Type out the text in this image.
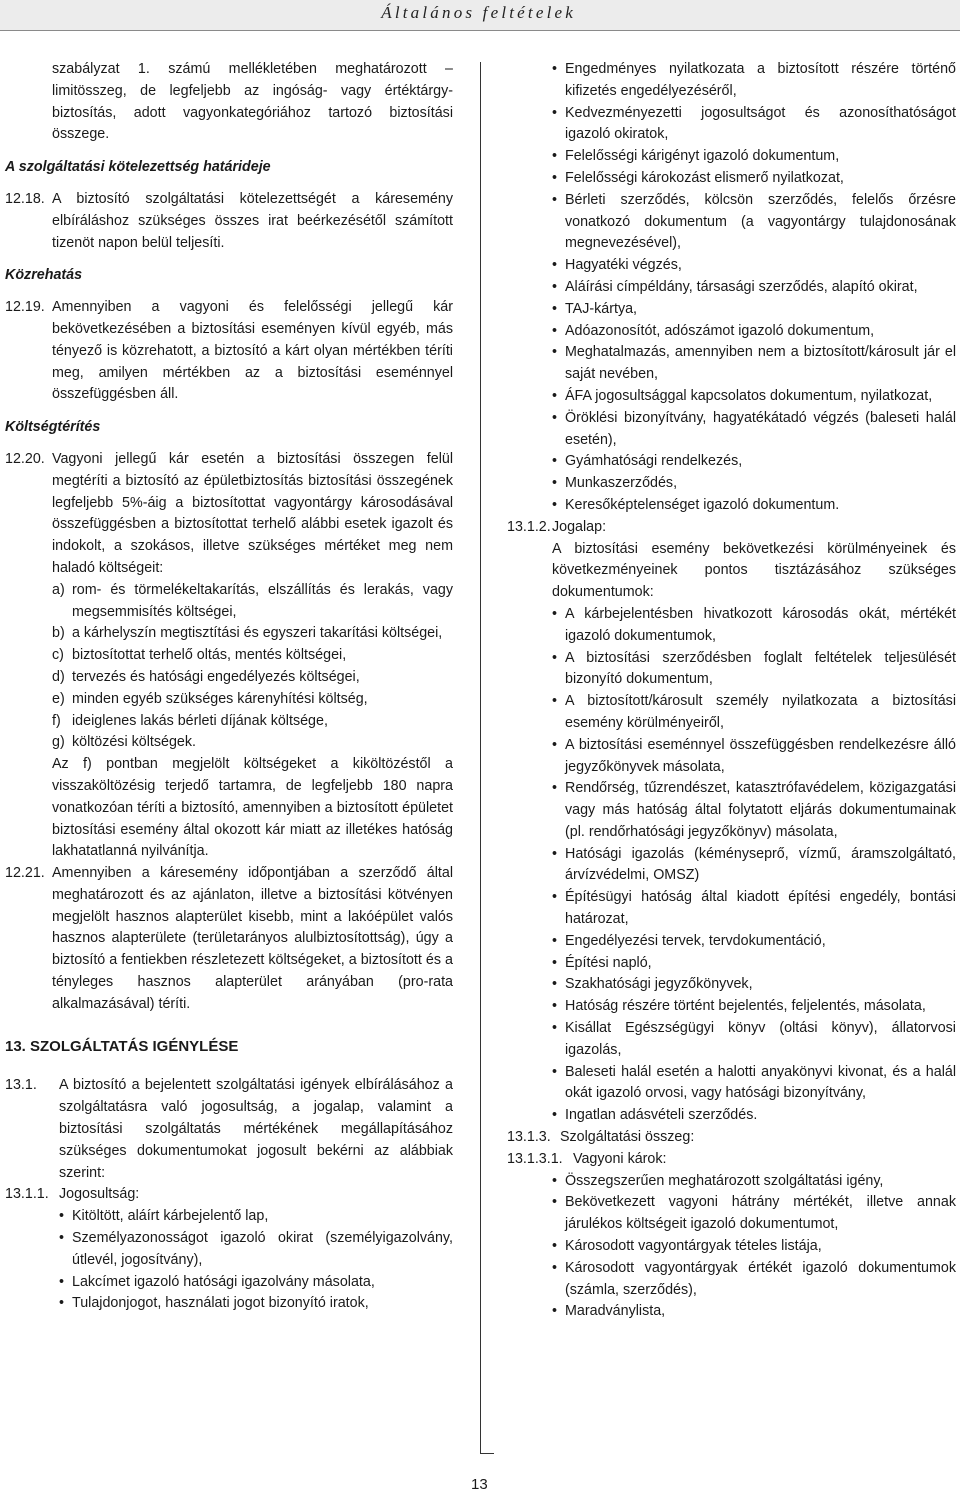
Általános feltételek

szabályzat 1. számú mellékletében meghatározott – limitösszeg, de legfeljebb az ingóság- vagy értéktárgy-biztosítás, adott vagyonkategóriához tartozó biztosítási összege.

A szolgáltatási kötelezettség határideje

12.18. A biztosító szolgáltatási kötelezettségét a káresemény elbíráláshoz szükséges összes irat beérkezésétől számított tizenöt napon belül teljesíti.

Közrehatás

12.19. Amennyiben a vagyoni és felelősségi jellegű kár bekövetkezésében a biztosítási eseményen kívül egyéb, más tényező is közrehatott, a biztosító a kárt olyan mértékben téríti meg, amilyen mértékben az a biztosítási eseménnyel összefüggésben áll.

Költségtérítés

12.20. Vagyoni jellegű kár esetén a biztosítási összegen felül megtéríti a biztosító az épületbiztosítás biztosítási összegének legfeljebb 5%-áig a biztosítottat vagyontárgy károsodásával összefüggésben a biztosítottat terhelő alábbi esetek igazolt és indokolt, a szokásos, illetve szükséges mértéket meg nem haladó költségeit:

a) rom- és törmelékeltakarítás, elszállítás és lerakás, vagy megsemmisítés költségei,
b) a kárhelyszín megtisztítási és egyszeri takarítási költségei,
c) biztosítottat terhelő oltás, mentés költségei,
d) tervezés és hatósági engedélyezés költségei,
e) minden egyéb szükséges kárenyhítési költség,
f) ideiglenes lakás bérleti díjának költsége,
g) költözési költségek.

Az f) pontban megjelölt költségeket a kiköltözéstől a visszaköltözésig terjedő tartamra, de legfeljebb 180 napra vonatkozóan téríti a biztosító, amennyiben a biztosított épületet biztosítási esemény által okozott kár miatt az illetékes hatóság lakhatatlanná nyilvánítja.

12.21. Amennyiben a káresemény időpontjában a szerződő által meghatározott és az ajánlaton, illetve a biztosítási kötvényen megjelölt hasznos alapterület kisebb, mint a lakóépület valós hasznos alapterülete (területarányos alulbiztosítottság), úgy a biztosító a fentiekben részletezett költségeket, a biztosított és a tényleges hasznos alapterület arányában (pro-rata alkalmazásával) téríti.

13. SZOLGÁLTATÁS IGÉNYLÉSE

13.1.	A biztosító a bejelentett szolgáltatási igények elbírálásához a szolgáltatásra való jogosultság, a jogalap, valamint a biztosítási szolgáltatás mértékének megállapításához szükséges dokumentumokat jogosult bekérni az alábbiak szerint:
13.1.1. Jogosultság:
• Kitöltött, aláírt kárbejelentő lap,
• Személyazonosságot igazoló okirat (személyigazolvány, útlevél, jogosítvány),
• Lakcímet igazoló hatósági igazolvány másolata,
• Tulajdonjogot, használati jogot bizonyító iratok,
• Engedményes nyilatkozata a biztosított részére történő kifizetés engedélyezéséről,
• Kedvezményezetti jogosultságot és azonosíthatóságot igazoló okiratok,
• Felelősségi kárigényt igazoló dokumentum,
• Felelősségi károkozást elismerő nyilatkozat,
• Bérleti szerződés, kölcsön szerződés, felelős őrzésre vonatkozó dokumentum (a vagyontárgy tulajdonosának megnevezésével),
• Hagyatéki végzés,
• Aláírási címpéldány, társasági szerződés, alapító okirat,
• TAJ-kártya,
• Adóazonosítót, adószámot igazoló dokumentum,
• Meghatalmazás, amennyiben nem a biztosított/károsult jár el saját nevében,
• ÁFA jogosultsággal kapcsolatos dokumentum, nyilatkozat,
• Öröklési bizonyítvány, hagyatékátadó végzés (baleseti halál esetén),
• Gyámhatósági rendelkezés,
• Munkaszerződés,
• Keresőképtelenséget igazoló dokumentum.
13.1.2. Jogalap:

A biztosítási esemény bekövetkezési körülményeinek és következményeinek pontos tisztázásához szükséges dokumentumok:

• A kárbejelentésben hivatkozott károsodás okát, mértékét igazoló dokumentumok,
• A biztosítási szerződésben foglalt feltételek teljesülését bizonyító dokumentum,
• A biztosított/károsult személy nyilatkozata a biztosítási esemény körülményeiről,
• A biztosítási eseménnyel összefüggésben rendelkezésre álló jegyzőkönyvek másolata,
• Rendőrség, tűzrendészet, katasztrófavédelem, közigazgatási vagy más hatóság által folytatott eljárás dokumentumainak (pl. rendőrhatósági jegyzőkönyv) másolata,
• Hatósági igazolás (kéményseprő, vízmű, áramszolgáltató, árvízvédelmi, OMSZ)
• Építésügyi hatóság által kiadott építési engedély, bontási határozat,
• Engedélyezési tervek, tervdokumentáció,
• Építési napló,
• Szakhatósági jegyzőkönyvek,
• Hatóság részére történt bejelentés, feljelentés, másolata,
• Kisállat Egészségügyi könyv (oltási könyv), állatorvosi igazolás,
• Baleseti halál esetén a halotti anyakönyvi kivonat, és a halál okát igazoló orvosi, vagy hatósági bizonyítvány,
• Ingatlan adásvételi szerződés.
13.1.3. Szolgáltatási összeg:
13.1.3.1. Vagyoni károk:
• Összegszerűen meghatározott szolgáltatási igény,
• Bekövetkezett vagyoni hátrány mértékét, illetve annak járulékos költségeit igazoló dokumentumot,
• Károsodott vagyontárgyak tételes listája,
• Károsodott vagyontárgyak értékét igazoló dokumentumok (számla, szerződés),
• Maradványlista,
13
